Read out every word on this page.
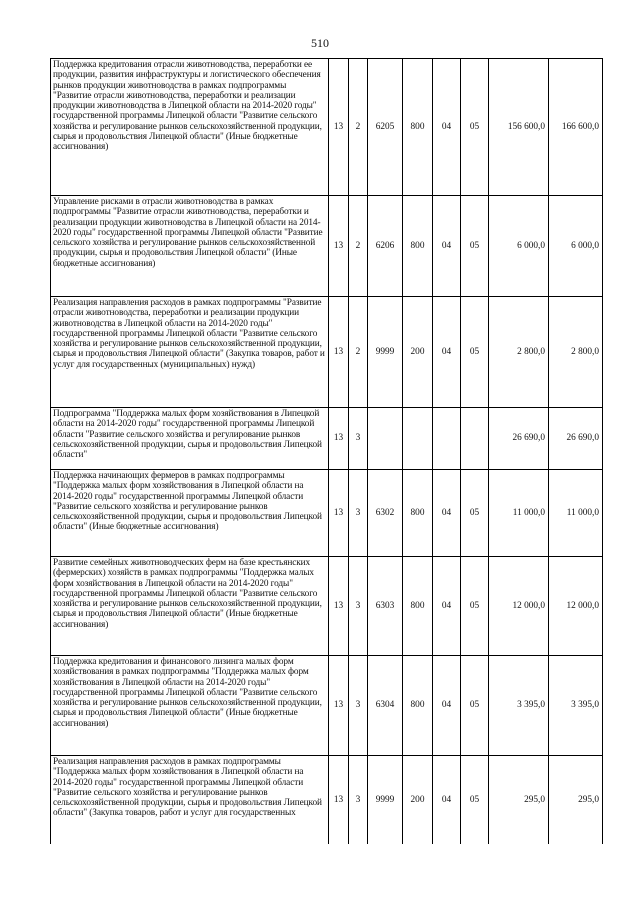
510
Поддержка кредитования отрасли животноводства, переработки ее продукции, развития инфраструктуры и логистического обеспечения рынков продукции животноводства в рамках подпрограммы "Развитие отрасли животноводства, переработки и реализации продукции животноводства в Липецкой области на 2014-2020 годы" государственной программы Липецкой области "Развитие сельского хозяйства и регулирование рынков сельскохозяйственной продукции, сырья и продовольствия Липецкой области" (Иные бюджетные ассигнования)	13	2	6205	800	04	05	156 600,0	166 600,0
Управление рисками в отрасли животноводства в рамках подпрограммы "Развитие отрасли животноводства, переработки и реализации продукции животноводства в Липецкой области на 2014-2020 годы" государственной программы Липецкой области "Развитие сельского хозяйства и регулирование рынков сельскохозяйственной продукции, сырья и продовольствия Липецкой области" (Иные бюджетные ассигнования)	13	2	6206	800	04	05	6 000,0	6 000,0
Реализация направления расходов в рамках подпрограммы "Развитие отрасли животноводства, переработки и реализации продукции животноводства в Липецкой области на 2014-2020 годы" государственной программы Липецкой области "Развитие сельского хозяйства и регулирование рынков сельскохозяйственной продукции, сырья и продовольствия Липецкой области" (Закупка товаров, работ и услуг для государственных (муниципальных) нужд)	13	2	9999	200	04	05	2 800,0	2 800,0
Подпрограмма "Поддержка малых форм хозяйствования в Липецкой области на 2014-2020 годы" государственной программы Липецкой области "Развитие сельского хозяйства и регулирование рынков сельскохозяйственной продукции, сырья и продовольствия Липецкой области"	13	3					26 690,0	26 690,0
Поддержка начинающих фермеров в рамках подпрограммы "Поддержка малых форм хозяйствования в Липецкой области на 2014-2020 годы" государственной программы Липецкой области "Развитие сельского хозяйства и регулирование рынков сельскохозяйственной продукции, сырья и продовольствия Липецкой области" (Иные бюджетные ассигнования)	13	3	6302	800	04	05	11 000,0	11 000,0
Развитие семейных животноводческих ферм на базе крестьянских (фермерских) хозяйств в рамках подпрограммы "Поддержка малых форм хозяйствования в Липецкой области на 2014-2020 годы" государственной программы Липецкой области "Развитие сельского хозяйства и регулирование рынков сельскохозяйственной продукции, сырья и продовольствия Липецкой области" (Иные бюджетные ассигнования)	13	3	6303	800	04	05	12 000,0	12 000,0
Поддержка кредитования и финансового лизинга малых форм хозяйствования в рамках подпрограммы "Поддержка малых форм хозяйствования в Липецкой области на 2014-2020 годы" государственной программы Липецкой области "Развитие сельского хозяйства и регулирование рынков сельскохозяйственной продукции, сырья и продовольствия Липецкой области" (Иные бюджетные ассигнования)	13	3	6304	800	04	05	3 395,0	3 395,0
Реализация направления расходов в рамках подпрограммы "Поддержка малых форм хозяйствования в Липецкой области на 2014-2020 годы" государственной программы Липецкой области "Развитие сельского хозяйства и регулирование рынков сельскохозяйственной продукции, сырья и продовольствия Липецкой области" (Закупка товаров, работ и услуг для государственных	13	3	9999	200	04	05	295,0	295,0
